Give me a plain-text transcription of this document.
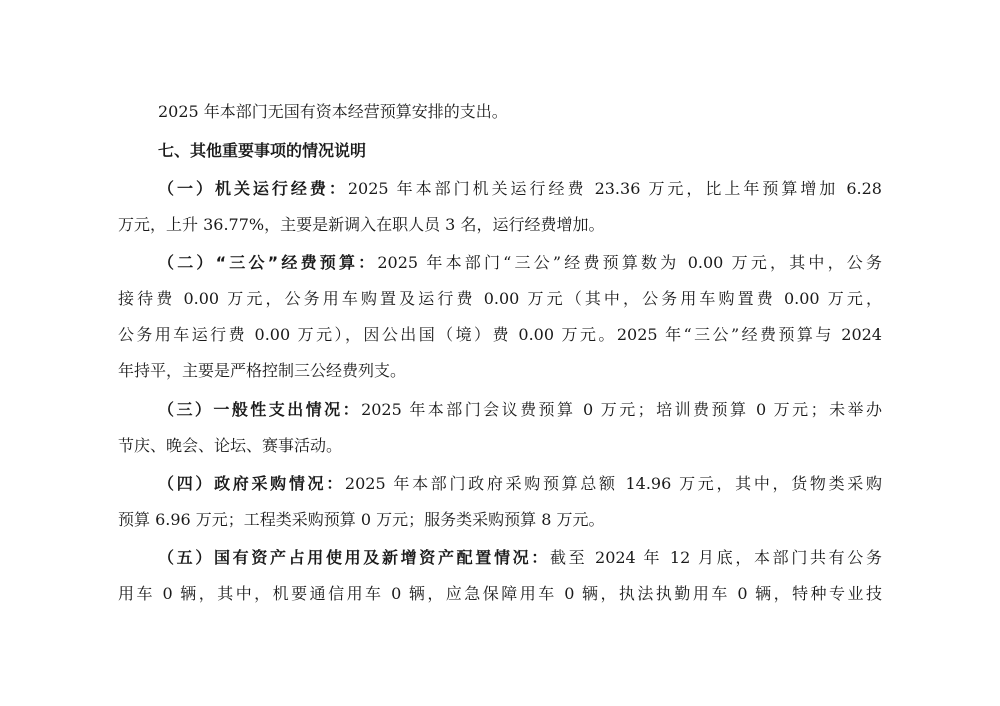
2025 年本部门无国有资本经营预算安排的支出。
七、其他重要事项的情况说明
（一）机关运行经费：2025 年本部门机关运行经费 23.36 万元，比上年预算增加 6.28
万元，上升 36.77%，主要是新调入在职人员 3 名，运行经费增加。
（二）“三公”经费预算：2025 年本部门“三公”经费预算数为 0.00 万元，其中，公务
接待费 0.00 万元，公务用车购置及运行费 0.00 万元（其中，公务用车购置费 0.00 万元，
公务用车运行费 0.00 万元），因公出国（境）费 0.00 万元。2025 年“三公”经费预算与 2024
年持平，主要是严格控制三公经费列支。
（三）一般性支出情况：2025 年本部门会议费预算 0 万元；培训费预算 0 万元；未举办
节庆、晚会、论坛、赛事活动。
（四）政府采购情况：2025 年本部门政府采购预算总额 14.96 万元，其中，货物类采购
预算 6.96 万元；工程类采购预算 0 万元；服务类采购预算 8 万元。
（五）国有资产占用使用及新增资产配置情况：截至 2024 年 12 月底，本部门共有公务
用车 0 辆，其中，机要通信用车 0 辆，应急保障用车 0 辆，执法执勤用车 0 辆，特种专业技
